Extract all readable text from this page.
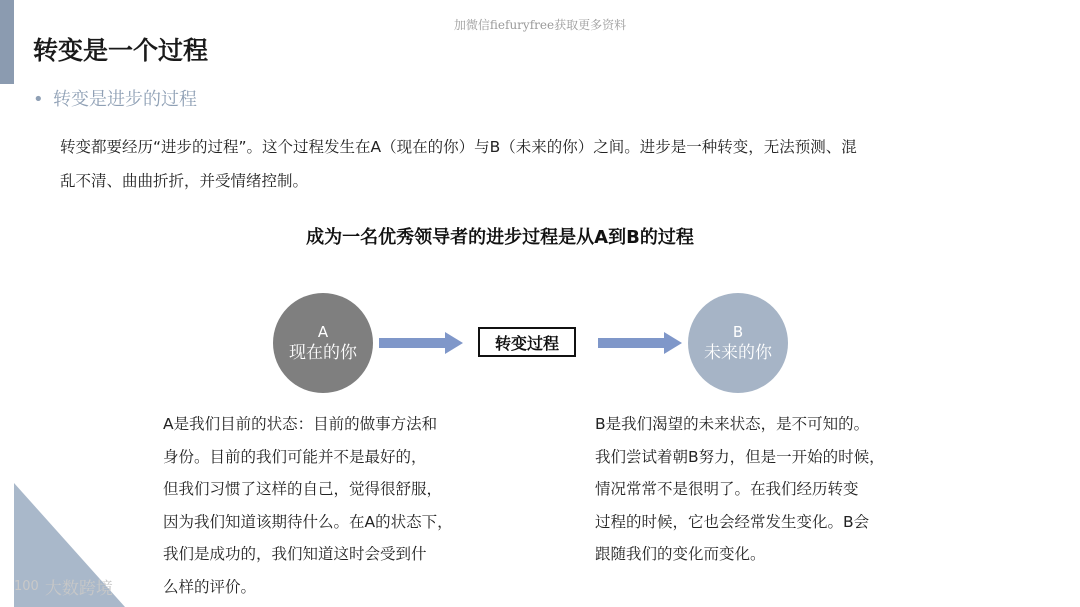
加微信fiefuryfree获取更多资料
转变是一个过程
• 转变是进步的过程
转变都要经历“进步的过程”。这个过程发生在A（现在的你）与B（未来的你）之间。进步是一种转变，无法预测、混
乱不清、曲曲折折，并受情绪控制。
成为一名优秀领导者的进步过程是从A到B的过程
A
现在的你	转变过程
B
未来的你
A是我们目前的状态：目前的做事方法和
身份。目前的我们可能并不是最好的，
但我们习惯了这样的自己，觉得很舒服，
因为我们知道该期待什么。在A的状态下，
我们是成功的，我们知道这时会受到什
么样的评价。
B是我们渴望的未来状态，是不可知的。
我们尝试着朝B努力，但是一开始的时候，
情况常常不是很明了。在我们经历转变
过程的时候，它也会经常发生变化。B会
跟随我们的变化而变化。
100 大数跨境
